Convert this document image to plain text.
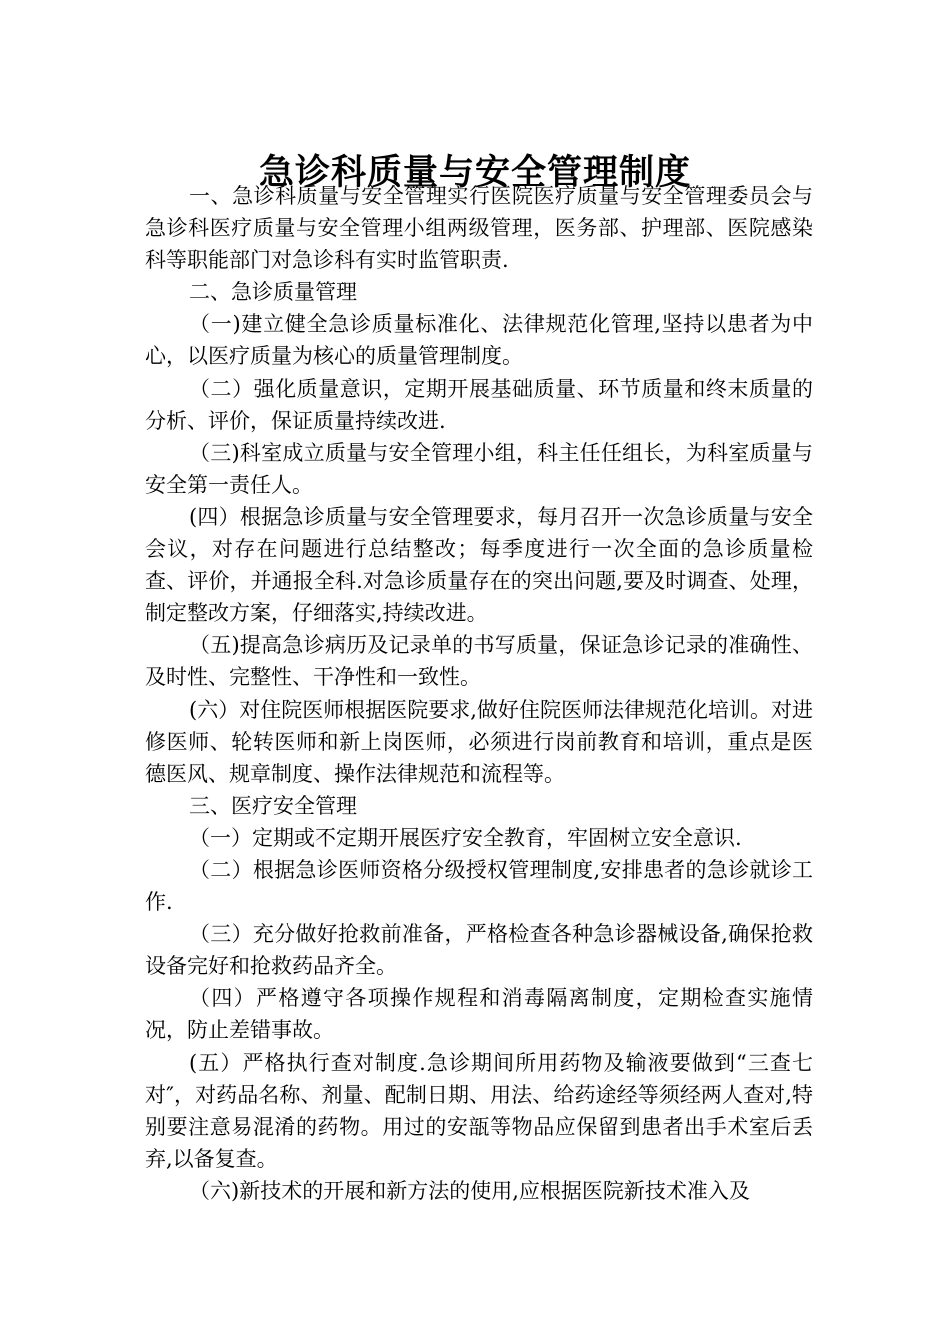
急诊科质量与安全管理制度

一、急诊科质量与安全管理实行医院医疗质量与安全管理委员会与急诊科医疗质量与安全管理小组两级管理，医务部、护理部、医院感染科等职能部门对急诊科有实时监管职责.

二、急诊质量管理

（一)建立健全急诊质量标准化、法律规范化管理,坚持以患者为中心，以医疗质量为核心的质量管理制度。

（二）强化质量意识，定期开展基础质量、环节质量和终末质量的分析、评价，保证质量持续改进.

（三)科室成立质量与安全管理小组，科主任任组长，为科室质量与安全第一责任人。

(四）根据急诊质量与安全管理要求，每月召开一次急诊质量与安全会议，对存在问题进行总结整改；每季度进行一次全面的急诊质量检查、评价，并通报全科.对急诊质量存在的突出问题,要及时调查、处理，制定整改方案，仔细落实,持续改进。

（五)提高急诊病历及记录单的书写质量，保证急诊记录的准确性、及时性、完整性、干净性和一致性。

(六）对住院医师根据医院要求,做好住院医师法律规范化培训。对进修医师、轮转医师和新上岗医师，必须进行岗前教育和培训，重点是医德医风、规章制度、操作法律规范和流程等。

三、医疗安全管理

（一）定期或不定期开展医疗安全教育，牢固树立安全意识.

（二）根据急诊医师资格分级授权管理制度,安排患者的急诊就诊工作.

（三）充分做好抢救前准备，严格检查各种急诊器械设备,确保抢救设备完好和抢救药品齐全。

（四）严格遵守各项操作规程和消毒隔离制度，定期检查实施情况，防止差错事故。

(五）严格执行查对制度.急诊期间所用药物及输液要做到“三查七对″，对药品名称、剂量、配制日期、用法、给药途经等须经两人查对,特别要注意易混淆的药物。用过的安瓿等物品应保留到患者出手术室后丢弃,以备复查。

（六)新技术的开展和新方法的使用,应根据医院新技术准入及
